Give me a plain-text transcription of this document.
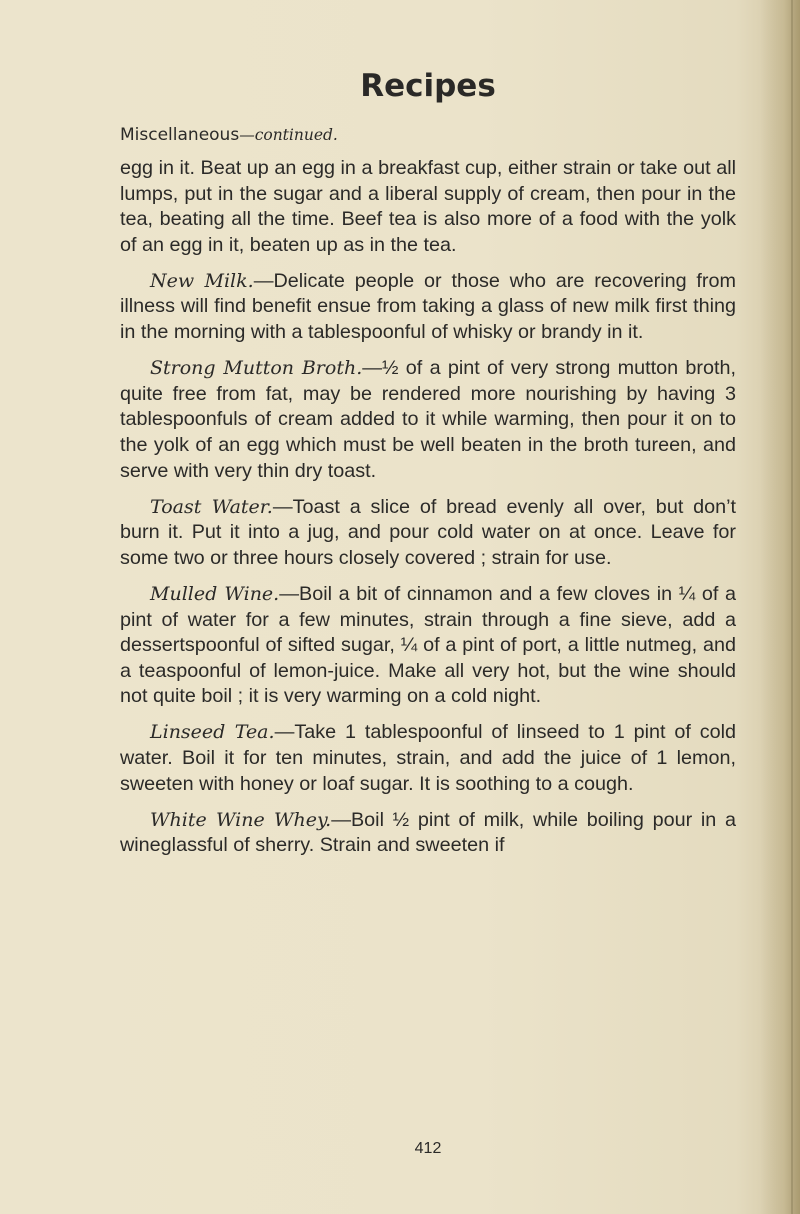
Recipes
Miscellaneous—continued.

egg in it. Beat up an egg in a breakfast cup, either strain or take out all lumps, put in the sugar and a liberal supply of cream, then pour in the tea, beating all the time. Beef tea is also more of a food with the yolk of an egg in it, beaten up as in the tea.

New Milk.—Delicate people or those who are recovering from illness will find benefit ensue from taking a glass of new milk first thing in the morning with a tablespoonful of whisky or brandy in it.

Strong Mutton Broth.—½ of a pint of very strong mutton broth, quite free from fat, may be rendered more nourishing by having 3 tablespoonfuls of cream added to it while warming, then pour it on to the yolk of an egg which must be well beaten in the broth tureen, and serve with very thin dry toast.

Toast Water.—Toast a slice of bread evenly all over, but don’t burn it. Put it into a jug, and pour cold water on at once. Leave for some two or three hours closely covered ; strain for use.

Mulled Wine.—Boil a bit of cinnamon and a few cloves in ¼ of a pint of water for a few minutes, strain through a fine sieve, add a dessertspoonful of sifted sugar, ¼ of a pint of port, a little nutmeg, and a teaspoonful of lemon-juice. Make all very hot, but the wine should not quite boil ; it is very warming on a cold night.

Linseed Tea.—Take 1 tablespoonful of linseed to 1 pint of cold water. Boil it for ten minutes, strain, and add the juice of 1 lemon, sweeten with honey or loaf sugar. It is soothing to a cough.

White Wine Whey.—Boil ½ pint of milk, while boiling pour in a wineglassful of sherry. Strain and sweeten if

412
